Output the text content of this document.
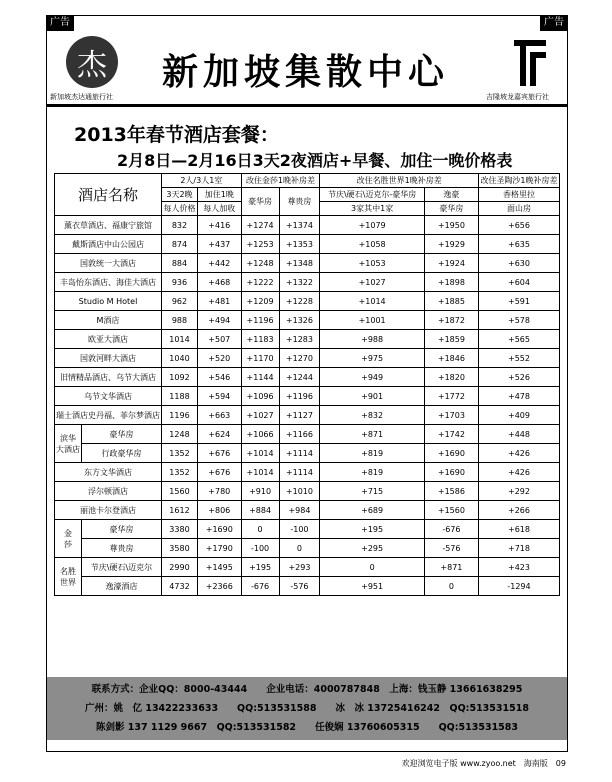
广告	广告
杰
新加坡杰达通旅行社	吉隆坡龙嘉宾旅行社
新加坡集散中心
2013年春节酒店套餐：
2月8日—2月16日3天2夜酒店+早餐、加住一晚价格表
酒店名称		2人/3人1室		改住金莎1晚补房差		改住名胜世界1晚补房差		改住圣陶沙1晚补房差
		3天2晚	加住1晚	豪华房	尊贵房	节庆\硬石\迈克尔-豪华房	逸豪	香格里拉
		每人价格	每人加收			3家其中1家	豪华房	面山房
薰衣草酒店、福康宁旅馆		832	+416	+1274	+1374	+1079	+1950	+656
戴斯酒店中山公园店		874	+437	+1253	+1353	+1058	+1929	+635
国敦统一大酒店		884	+442	+1248	+1348	+1053	+1924	+630
丰岛怡东酒店、海佳大酒店		936	+468	+1222	+1322	+1027	+1898	+604
Studio M Hotel		962	+481	+1209	+1228	+1014	+1885	+591
M酒店		988	+494	+1196	+1326	+1001	+1872	+578
欧亚大酒店		1014	+507	+1183	+1283	+988	+1859	+565
国敦河畔大酒店		1040	+520	+1170	+1270	+975	+1846	+552
旧情精品酒店、乌节大酒店		1092	+546	+1144	+1244	+949	+1820	+526
乌节文华酒店		1188	+594	+1096	+1196	+901	+1772	+478
瑞士酒店史丹福、菲尔梦酒店		1196	+663	+1027	+1127	+832	+1703	+409

滨华
大酒店	豪华房	1248	+624	+1066	+1166	+871	+1742	+448
	行政豪华房	1352	+676	+1014	+1114	+819	+1690	+426
东方文华酒店		1352	+676	+1014	+1114	+819	+1690	+426
浮尔顿酒店		1560	+780	+910	+1010	+715	+1586	+292
丽池卡尔登酒店		1612	+806	+884	+984	+689	+1560	+266

金
莎	豪华房	3380	+1690	0	-100	+195	-676	+618
	尊贵房	3580	+1790	-100	0	+295	-576	+718

名胜
世界	节庆\硬石\迈克尔	2990	+1495	+195	+293	0	+871	+423
	逸濠酒店	4732	+2366	-676	-576	+951	0	-1294
联系方式：企业QQ：8000-43444　　企业电话：4000787848　上海：钱玉静 13661638295
广州：姚　亿 13422233633　　QQ:513531588　　冰　冰 13725416242　QQ:513531518
陈剑影 137 1129 9667　QQ:513531582　　任俊娴 13760605315　　QQ:513531583
欢迎浏览电子版 www.zyoo.net　海南版　09
